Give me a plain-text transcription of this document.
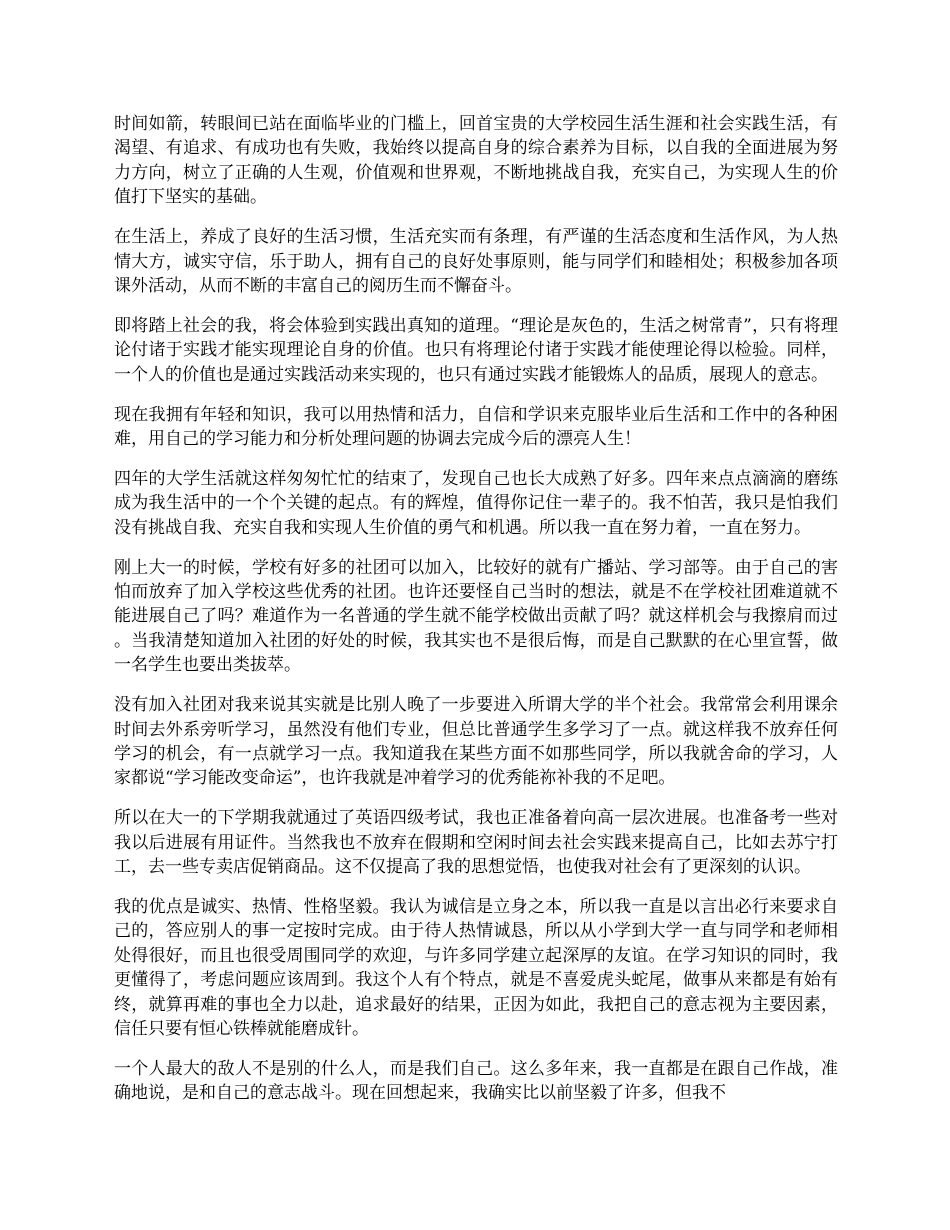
时间如箭，转眼间已站在面临毕业的门槛上，回首宝贵的大学校园生活生涯和社会实践生活，有渴望、有追求、有成功也有失败，我始终以提高自身的综合素养为目标，以自我的全面进展为努力方向，树立了正确的人生观，价值观和世界观，不断地挑战自我，充实自己，为实现人生的价值打下坚实的基础。

在生活上，养成了良好的生活习惯，生活充实而有条理，有严谨的生活态度和生活作风，为人热情大方，诚实守信，乐于助人，拥有自己的良好处事原则，能与同学们和睦相处；积极参加各项课外活动，从而不断的丰富自己的阅历生而不懈奋斗。

即将踏上社会的我，将会体验到实践出真知的道理。“理论是灰色的，生活之树常青”，只有将理论付诸于实践才能实现理论自身的价值。也只有将理论付诸于实践才能使理论得以检验。同样，一个人的价值也是通过实践活动来实现的，也只有通过实践才能锻炼人的品质，展现人的意志。

现在我拥有年轻和知识，我可以用热情和活力，自信和学识来克服毕业后生活和工作中的各种困难，用自己的学习能力和分析处理问题的协调去完成今后的漂亮人生！

四年的大学生活就这样匆匆忙忙的结束了，发现自己也长大成熟了好多。四年来点点滴滴的磨练成为我生活中的一个个关键的起点。有的辉煌，值得你记住一辈子的。我不怕苦，我只是怕我们没有挑战自我、充实自我和实现人生价值的勇气和机遇。所以我一直在努力着，一直在努力。

刚上大一的时候，学校有好多的社团可以加入，比较好的就有广播站、学习部等。由于自己的害怕而放弃了加入学校这些优秀的社团。也许还要怪自己当时的想法，就是不在学校社团难道就不能进展自己了吗？难道作为一名普通的学生就不能学校做出贡献了吗？就这样机会与我擦肩而过。当我清楚知道加入社团的好处的时候，我其实也不是很后悔，而是自己默默的在心里宣誓，做一名学生也要出类拔萃。

没有加入社团对我来说其实就是比别人晚了一步要进入所谓大学的半个社会。我常常会利用课余时间去外系旁听学习，虽然没有他们专业，但总比普通学生多学习了一点。就这样我不放弃任何学习的机会，有一点就学习一点。我知道我在某些方面不如那些同学，所以我就舍命的学习，人家都说“学习能改变命运”，也许我就是冲着学习的优秀能祢补我的不足吧。

所以在大一的下学期我就通过了英语四级考试，我也正准备着向高一层次进展。也准备考一些对我以后进展有用证件。当然我也不放弃在假期和空闲时间去社会实践来提高自己，比如去苏宁打工，去一些专卖店促销商品。这不仅提高了我的思想觉悟，也使我对社会有了更深刻的认识。

我的优点是诚实、热情、性格坚毅。我认为诚信是立身之本，所以我一直是以言出必行来要求自己的，答应别人的事一定按时完成。由于待人热情诚恳，所以从小学到大学一直与同学和老师相处得很好，而且也很受周围同学的欢迎，与许多同学建立起深厚的友谊。在学习知识的同时，我更懂得了，考虑问题应该周到。我这个人有个特点，就是不喜爱虎头蛇尾，做事从来都是有始有终，就算再难的事也全力以赴，追求最好的结果，正因为如此，我把自己的意志视为主要因素，信任只要有恒心铁棒就能磨成针。

一个人最大的敌人不是别的什么人，而是我们自己。这么多年来，我一直都是在跟自己作战，准确地说，是和自己的意志战斗。现在回想起来，我确实比以前坚毅了许多，但我不
